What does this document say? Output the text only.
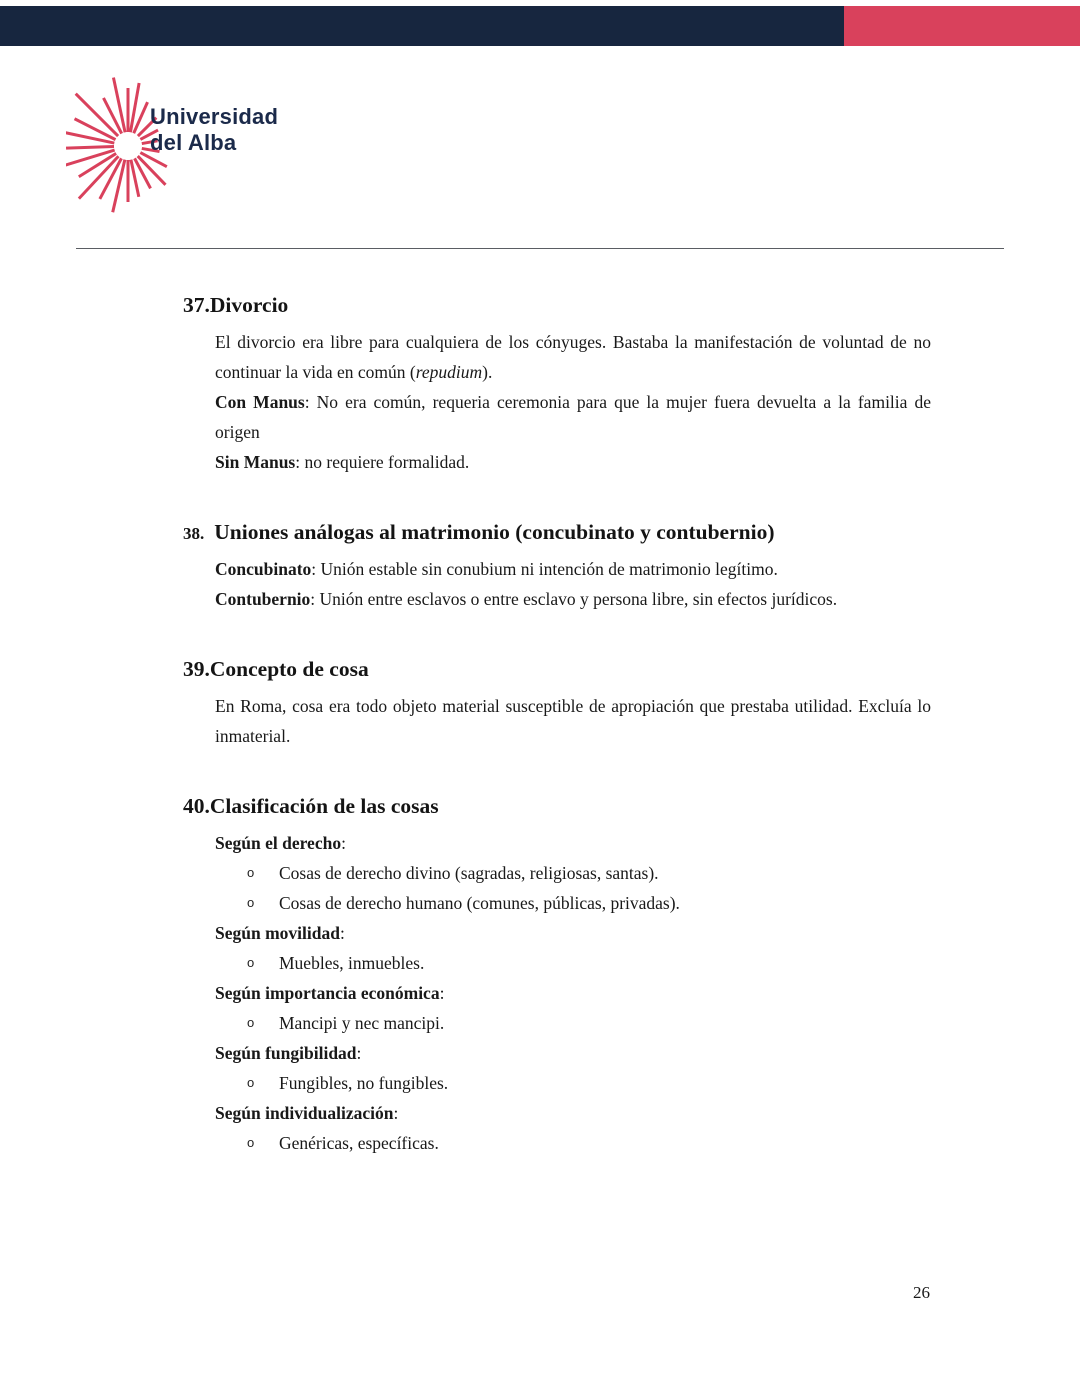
Universidad
del Alba
37.Divorcio

El divorcio era libre para cualquiera de los cónyuges. Bastaba la manifestación de voluntad de no continuar la vida en común (repudium).

Con Manus: No era común, requeria ceremonia para que la mujer fuera devuelta a la familia de origen

Sin Manus: no requiere formalidad.

38. Uniones análogas al matrimonio (concubinato y contubernio)

Concubinato: Unión estable sin conubium ni intención de matrimonio legítimo.

Contubernio: Unión entre esclavos o entre esclavo y persona libre, sin efectos jurídicos.

39.Concepto de cosa

En Roma, cosa era todo objeto material susceptible de apropiación que prestaba utilidad. Excluía lo inmaterial.

40.Clasificación de las cosas

Según el derecho:

o	Cosas de derecho divino (sagradas, religiosas, santas).
o	Cosas de derecho humano (comunes, públicas, privadas).

Según movilidad:

o	Muebles, inmuebles.

Según importancia económica:

o	Mancipi y nec mancipi.

Según fungibilidad:

o	Fungibles, no fungibles.

Según individualización:

o	Genéricas, específicas.
26
